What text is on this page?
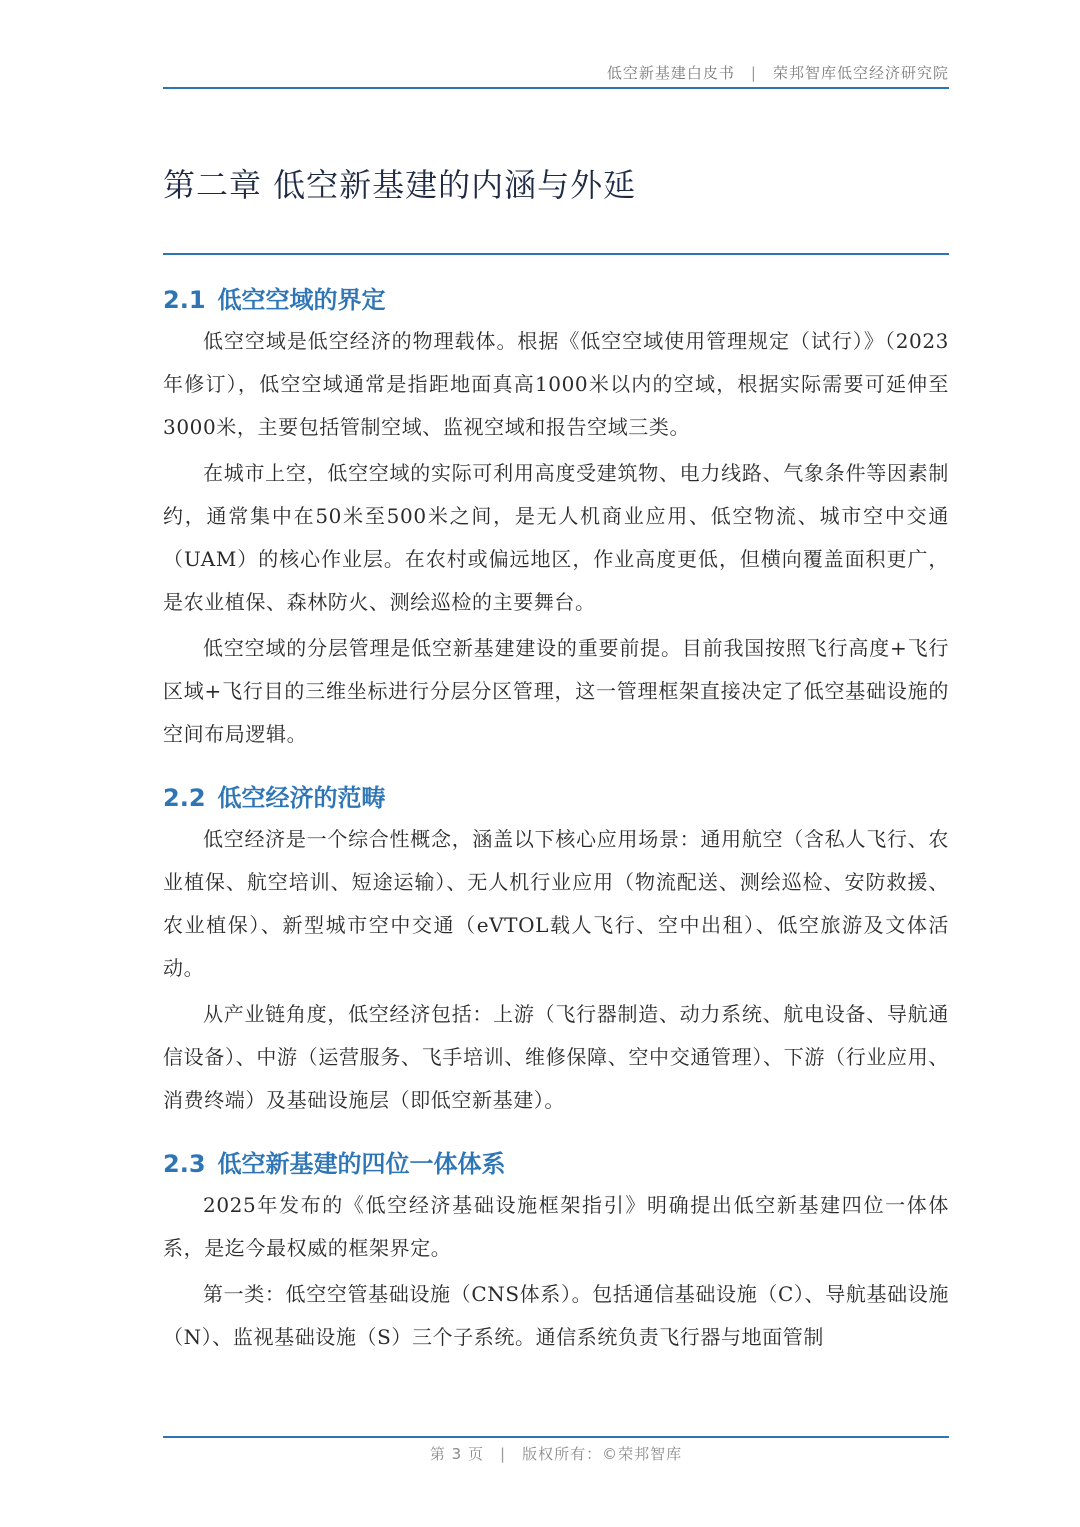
低空新基建白皮书 | 荣邦智库低空经济研究院
第二章 低空新基建的内涵与外延
2.1 低空空域的界定

低空空域是低空经济的物理载体。根据《低空空域使用管理规定（试行）》（2023年修订），低空空域通常是指距地面真高1000米以内的空域，根据实际需要可延伸至3000米，主要包括管制空域、监视空域和报告空域三类。

在城市上空，低空空域的实际可利用高度受建筑物、电力线路、气象条件等因素制约，通常集中在50米至500米之间，是无人机商业应用、低空物流、城市空中交通（UAM）的核心作业层。在农村或偏远地区，作业高度更低，但横向覆盖面积更广，是农业植保、森林防火、测绘巡检的主要舞台。

低空空域的分层管理是低空新基建建设的重要前提。目前我国按照飞行高度+飞行区域+飞行目的三维坐标进行分层分区管理，这一管理框架直接决定了低空基础设施的空间布局逻辑。

2.2 低空经济的范畴

低空经济是一个综合性概念，涵盖以下核心应用场景：通用航空（含私人飞行、农业植保、航空培训、短途运输）、无人机行业应用（物流配送、测绘巡检、安防救援、农业植保）、新型城市空中交通（eVTOL载人飞行、空中出租）、低空旅游及文体活动。

从产业链角度，低空经济包括：上游（飞行器制造、动力系统、航电设备、导航通信设备）、中游（运营服务、飞手培训、维修保障、空中交通管理）、下游（行业应用、消费终端）及基础设施层（即低空新基建）。

2.3 低空新基建的四位一体体系

2025年发布的《低空经济基础设施框架指引》明确提出低空新基建四位一体体系，是迄今最权威的框架界定。

第一类：低空空管基础设施（CNS体系）。包括通信基础设施（C）、导航基础设施（N）、监视基础设施（S）三个子系统。通信系统负责飞行器与地面管制

第 3 页 | 版权所有：©荣邦智库
